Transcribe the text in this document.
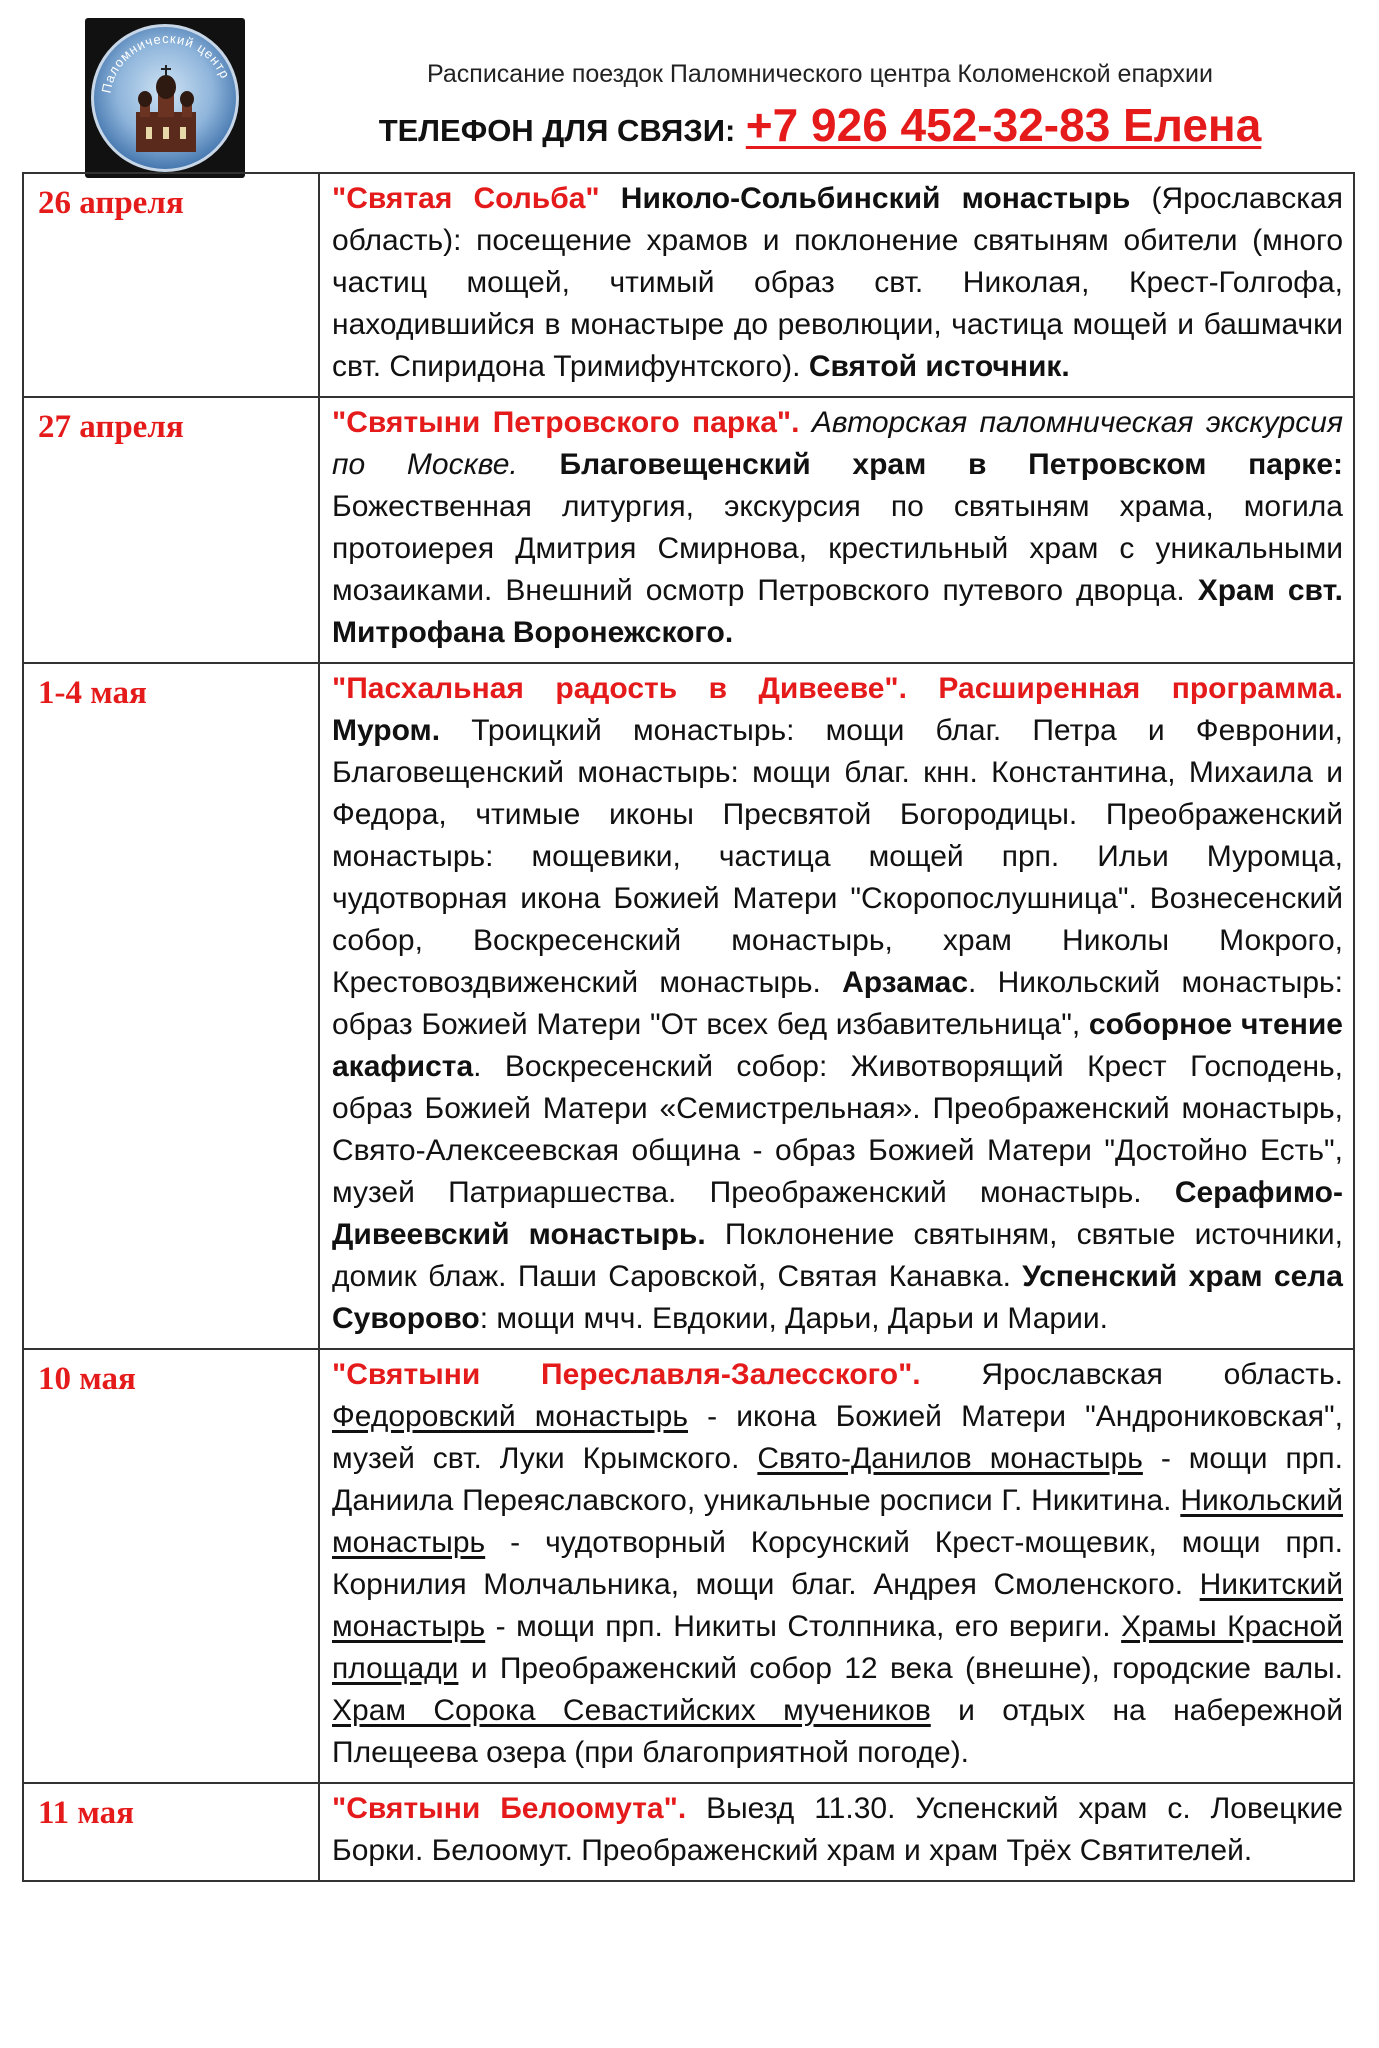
Паломнический центр	Расписание поездок Паломнического центра Коломенской епархии
ТЕЛЕФОН ДЛЯ СВЯЗИ: +7 926 452-32-83 Елена
26 апреля	"Святая Сольба" Николо-Сольбинский монастырь (Ярославская область): посещение храмов и поклонение святыням обители (много частиц мощей, чтимый образ свт. Николая, Крест-Голгофа, находившийся в монастыре до революции, частица мощей и башмачки свт. Спиридона Тримифунтского). Святой источник.
27 апреля	"Святыни Петровского парка". Авторская паломническая экскурсия по Москве. Благовещенский храм в Петровском парке: Божественная литургия, экскурсия по святыням храма, могила протоиерея Дмитрия Смирнова, крестильный храм с уникальными мозаиками. Внешний осмотр Петровского путевого дворца. Храм свт. Митрофана Воронежского.
1-4 мая	"Пасхальная радость в Дивееве". Расширенная программа. Муром. Троицкий монастырь: мощи благ. Петра и Февронии, Благовещенский монастырь: мощи благ. кнн. Константина, Михаила и Федора, чтимые иконы Пресвятой Богородицы. Преображенский монастырь: мощевики, частица мощей прп. Ильи Муромца, чудотворная икона Божией Матери "Скоропослушница". Вознесенский собор, Воскресенский монастырь, храм Николы Мокрого, Крестовоздвиженский монастырь. Арзамас. Никольский монастырь: образ Божией Матери "От всех бед избавительница", соборное чтение акафиста. Воскресенский собор: Животворящий Крест Господень, образ Божией Матери «Семистрельная». Преображенский монастырь, Свято-Алексеевская община - образ Божией Матери "Достойно Есть", музей Патриаршества. Преображенский монастырь. Серафимо-Дивеевский монастырь. Поклонение святыням, святые источники, домик блаж. Паши Саровской, Святая Канавка. Успенский храм села Суворово: мощи мчч. Евдокии, Дарьи, Дарьи и Марии.
10 мая	"Святыни Переславля-Залесского". Ярославская область. Федоровский монастырь - икона Божией Матери "Андрониковская", музей свт. Луки Крымского. Свято-Данилов монастырь - мощи прп. Даниила Переяславского, уникальные росписи Г. Никитина. Никольский монастырь - чудотворный Корсунский Крест-мощевик, мощи прп. Корнилия Молчальника, мощи благ. Андрея Смоленского. Никитский монастырь - мощи прп. Никиты Столпника, его вериги. Храмы Красной площади и Преображенский собор 12 века (внешне), городские валы. Храм Сорока Севастийских мучеников и отдых на набережной Плещеева озера (при благоприятной погоде).
11 мая	"Святыни Белоомута". Выезд 11.30. Успенский храм с. Ловецкие Борки. Белоомут. Преображенский храм и храм Трёх Святителей.
